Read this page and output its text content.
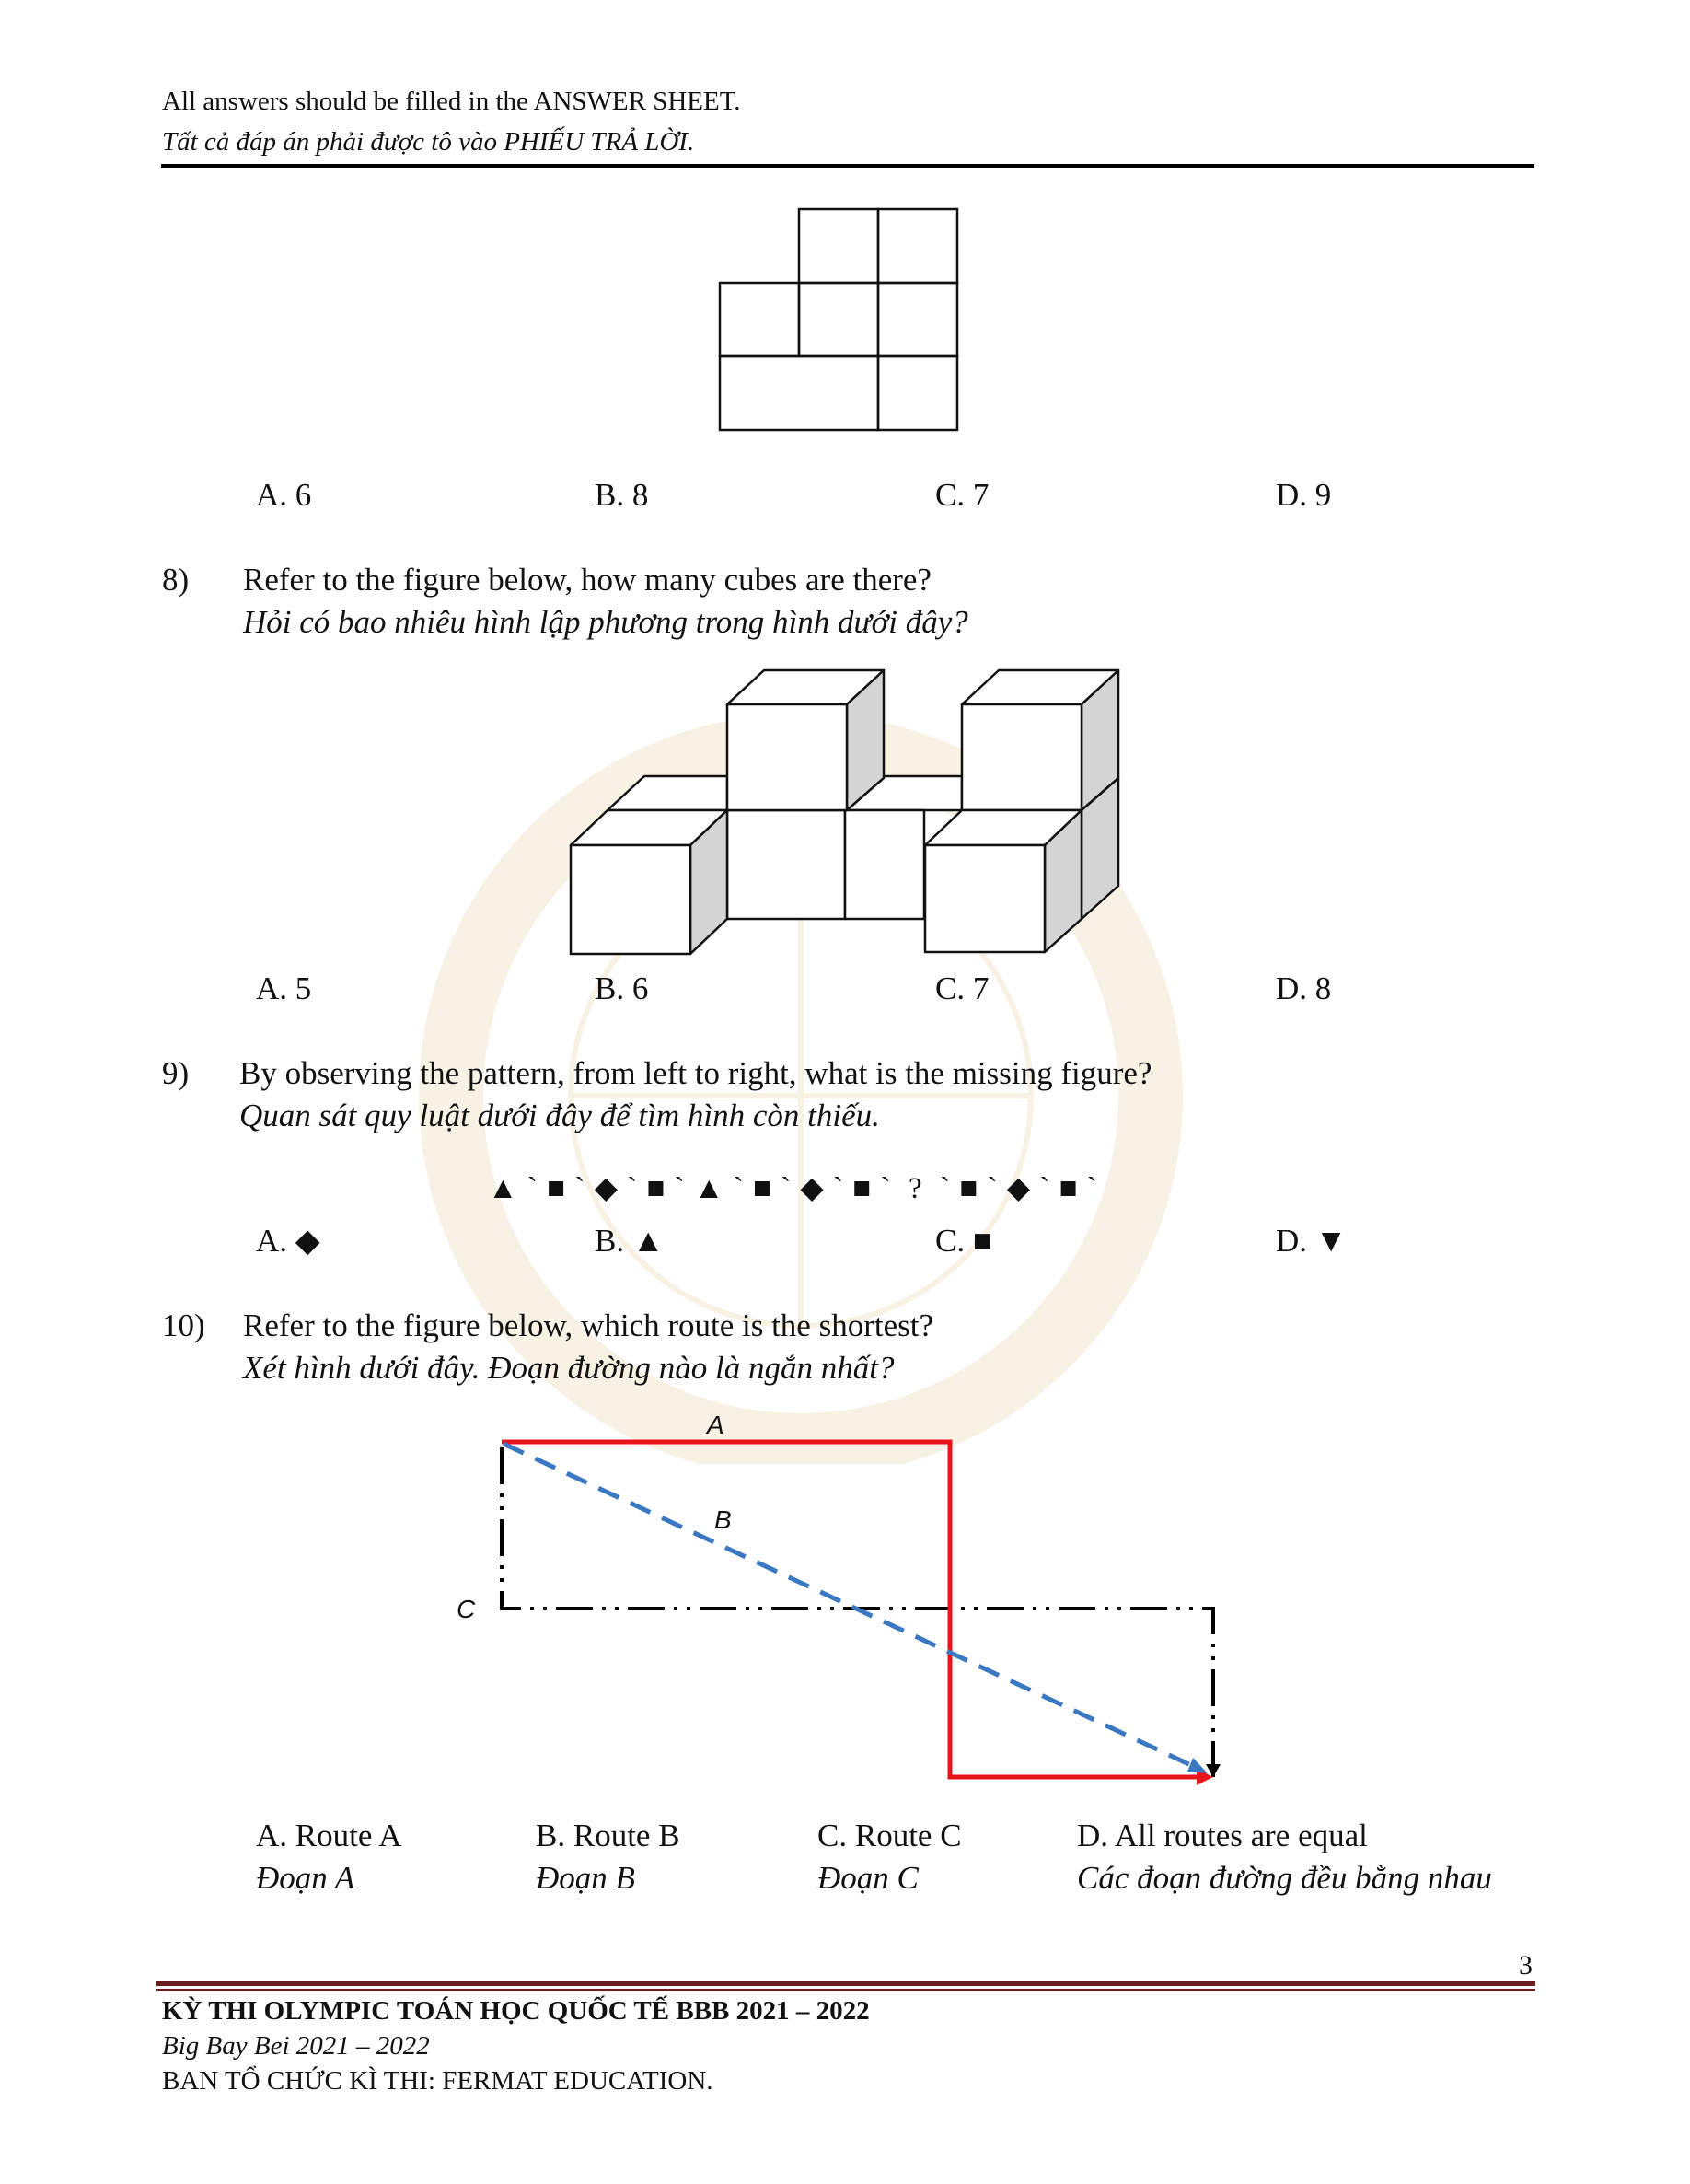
All answers should be filled in the ANSWER SHEET.
Tất cả đáp án phải được tô vào PHIẾU TRẢ LỜI.
A. 6	B. 8	C. 7	D. 9
8) Refer to the figure below, how many cubes are there?
Hỏi có bao nhiêu hình lập phương trong hình dưới đây?
A. 5	B. 6	C. 7	D. 8
9) By observing the pattern, from left to right, what is the missing figure?
Quan sát quy luật dưới đây để tìm hình còn thiếu.
▲ ` ■ ` ◆ ` ■ ` ▲ ` ■ ` ◆ ` ■ `  ?  ` ■ ` ◆ ` ■ `
A. ◆	B. ▲	C. ■	D. ▼
10) Refer to the figure below, which route is the shortest?
Xét hình dưới đây. Đoạn đường nào là ngắn nhất?
A
B
C
A. Route A
Đoạn A
B. Route B
Đoạn B
C. Route C
Đoạn C
D. All routes are equal
Các đoạn đường đều bằng nhau
3
KỲ THI OLYMPIC TOÁN HỌC QUỐC TẾ BBB 2021 – 2022
Big Bay Bei 2021 – 2022
BAN TỔ CHỨC KÌ THI: FERMAT EDUCATION.
